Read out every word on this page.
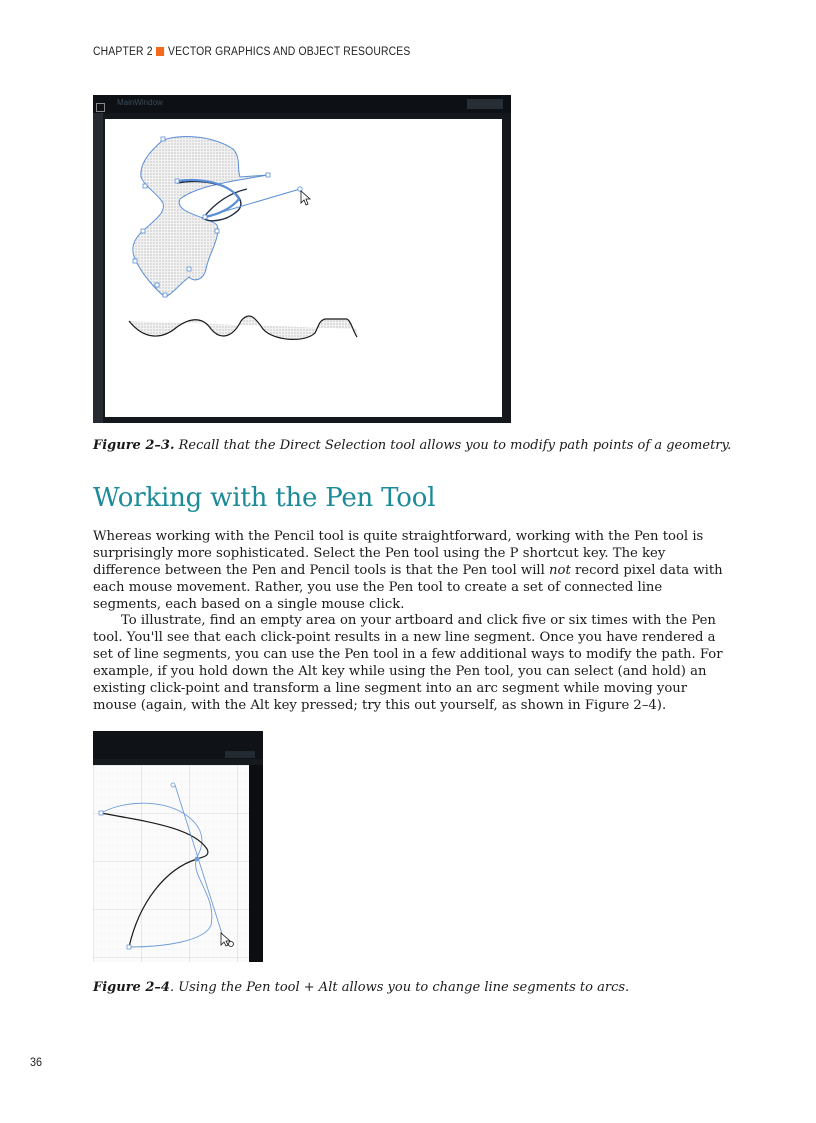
CHAPTER 2 VECTOR GRAPHICS AND OBJECT RESOURCES
MainWindow
Figure 2–3. Recall that the Direct Selection tool allows you to modify path points of a geometry.
Working with the Pen Tool

Whereas working with the Pencil tool is quite straightforward, working with the Pen tool is surprisingly more sophisticated. Select the Pen tool using the P shortcut key. The key difference between the Pen and Pencil tools is that the Pen tool will not record pixel data with each mouse movement. Rather, you use the Pen tool to create a set of connected line segments, each based on a single mouse click.

To illustrate, find an empty area on your artboard and click five or six times with the Pen tool. You'll see that each click-point results in a new line segment. Once you have rendered a set of line segments, you can use the Pen tool in a few additional ways to modify the path. For example, if you hold down the Alt key while using the Pen tool, you can select (and hold) an existing click-point and transform a line segment into an arc segment while moving your mouse (again, with the Alt key pressed; try this out yourself, as shown in Figure 2–4).

Figure 2–4. Using the Pen tool + Alt allows you to change line segments to arcs.
36
